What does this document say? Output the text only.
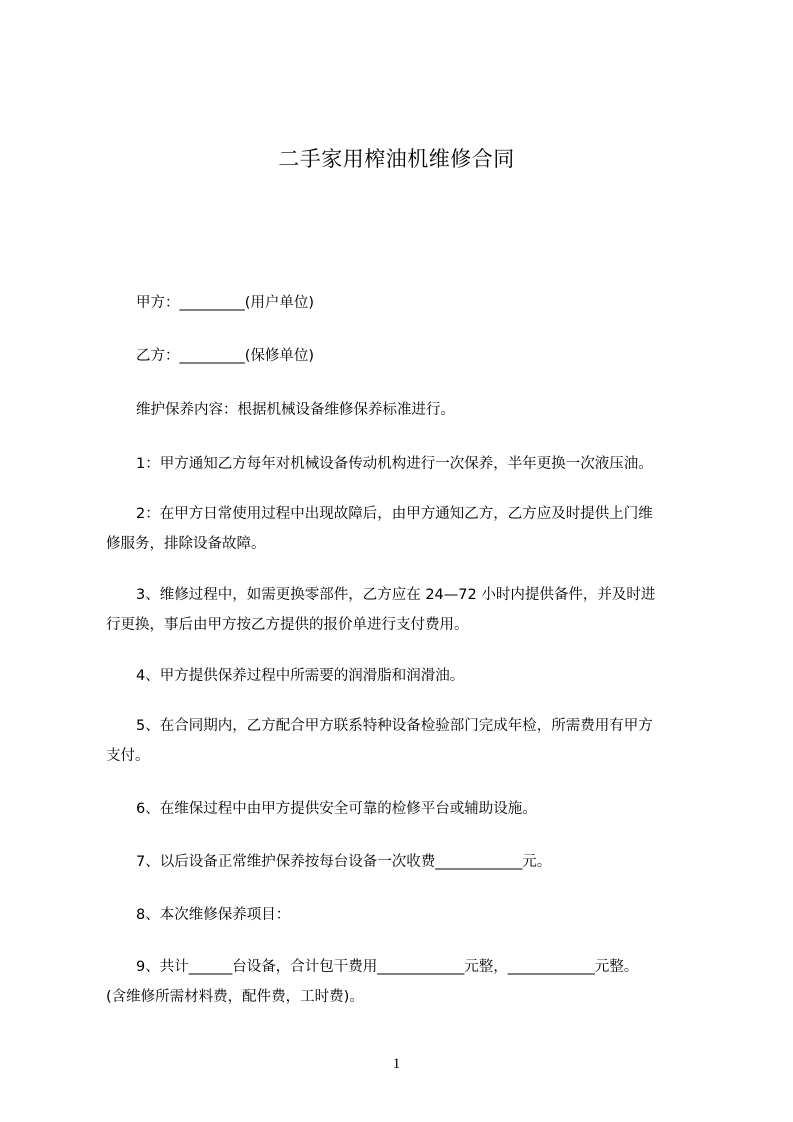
二手家用榨油机维修合同
甲方：_________(用户单位)
乙方：_________(保修单位)
维护保养内容：根据机械设备维修保养标准进行。
1：甲方通知乙方每年对机械设备传动机构进行一次保养，半年更换一次液压油。
2：在甲方日常使用过程中出现故障后，由甲方通知乙方，乙方应及时提供上门维
修服务，排除设备故障。
3、维修过程中，如需更换零部件，乙方应在 24—72 小时内提供备件，并及时进
行更换，事后由甲方按乙方提供的报价单进行支付费用。
4、甲方提供保养过程中所需要的润滑脂和润滑油。
5、在合同期内，乙方配合甲方联系特种设备检验部门完成年检，所需费用有甲方
支付。
6、在维保过程中由甲方提供安全可靠的检修平台或辅助设施。
7、以后设备正常维护保养按每台设备一次收费____________元。
8、本次维修保养项目：
9、共计______台设备，合计包干费用____________元整，____________元整。
(含维修所需材料费，配件费，工时费)。
1
